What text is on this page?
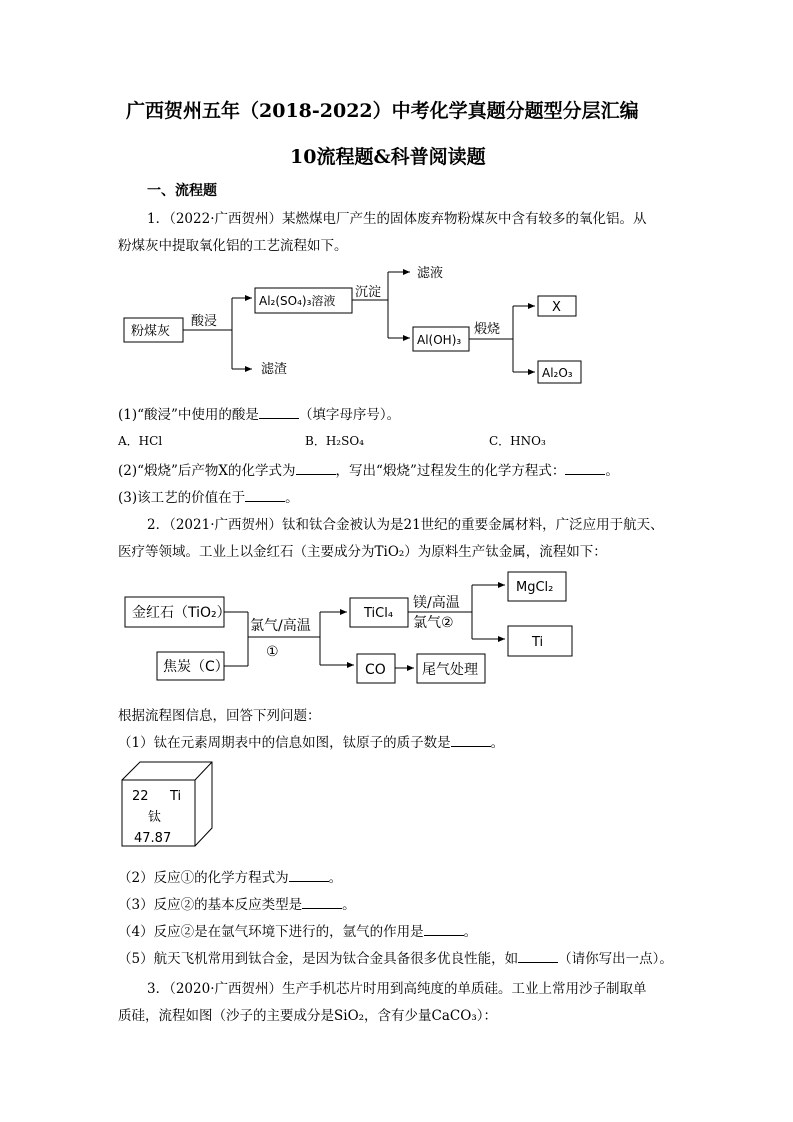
广西贺州五年（2018-2022）中考化学真题分题型分层汇编
10流程题&科普阅读题
一、流程题
1．（2022·广西贺州）某燃煤电厂产生的固体废弃物粉煤灰中含有较多的氧化铝。从
粉煤灰中提取氧化铝的工艺流程如下。
粉煤灰
酸浸
Al₂(SO₄)₃溶液
滤渣
沉淀
滤液
Al(OH)₃
煅烧
X
Al₂O₃
金红石（TiO₂）
焦炭（C）
氯气/高温
①
TiCl₄
CO	尾气处理
镁/高温
氯气②
MgCl₂
Ti
22 Ti
钛
47.87
(1)“酸浸”中使用的酸是	（填字母序号）。
A．HCl	B．H₂SO₄	C．HNO₃
(2)“煅烧”后产物X的化学式为	，写出“煅烧”过程发生的化学方程式：	。
(3)该工艺的价值在于	。
2．（2021·广西贺州）钛和钛合金被认为是21世纪的重要金属材料，广泛应用于航天、
医疗等领域。工业上以金红石（主要成分为TiO₂）为原料生产钛金属，流程如下：
根据流程图信息，回答下列问题：
（1）钛在元素周期表中的信息如图，钛原子的质子数是	。
（2）反应①的化学方程式为	。
（3）反应②的基本反应类型是	。
（4）反应②是在氩气环境下进行的，氩气的作用是	。
（5）航天飞机常用到钛合金，是因为钛合金具备很多优良性能，如	（请你写出一点）。
3．（2020·广西贺州）生产手机芯片时用到高纯度的单质硅。工业上常用沙子制取单
质硅，流程如图（沙子的主要成分是SiO₂，含有少量CaCO₃）：
